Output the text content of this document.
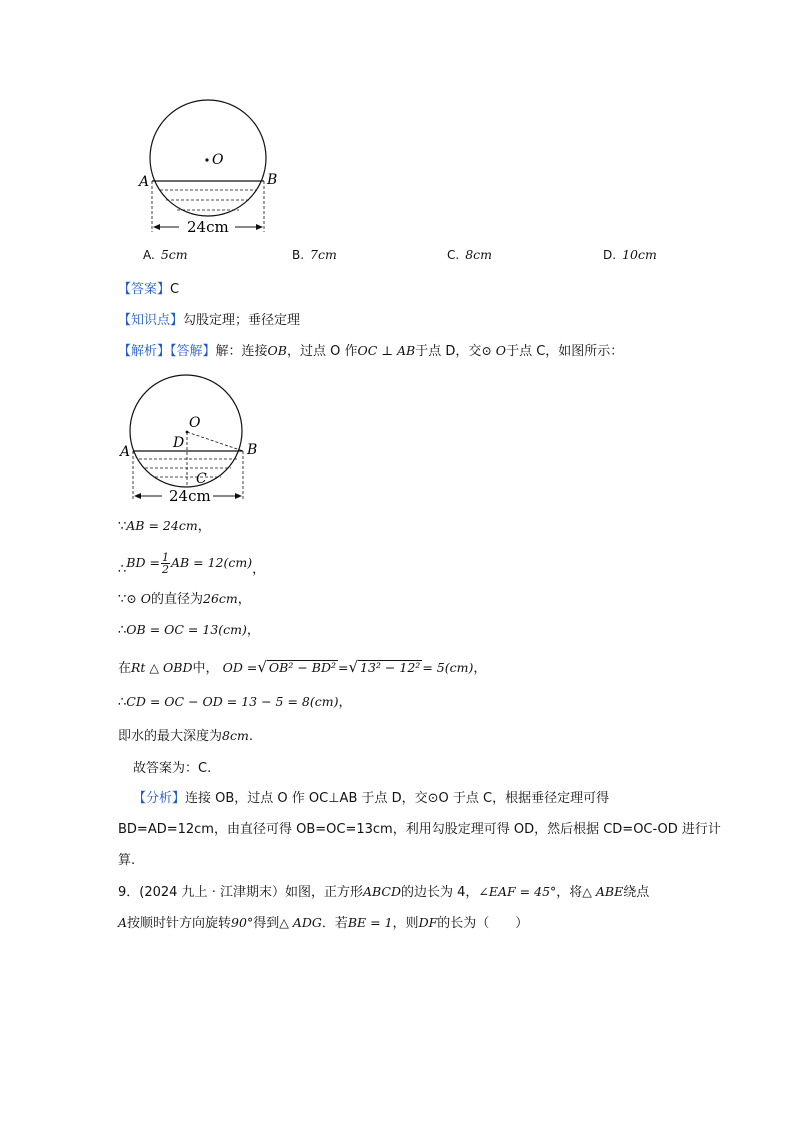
O
A	B
24cm
A. 5cm	B. 7cm	C. 8cm	D. 10cm
【答案】C
【知识点】勾股定理；垂径定理
【解析】【答解】解：连接OB，过点 O 作OC ⊥ AB于点 D，交⊙ O于点 C，如图所示：
O
D
A	B
C
24cm
∵AB = 24cm，
∴BD = $\frac{1}{2}$ AB = 12(cm)，
∵⊙ O的直径为26cm，
∴OB = OC = 13(cm)，
在Rt △ OBD中， OD =√ OB² − BD² =√ 13² − 12² = 5(cm)，
∴CD = OC − OD = 13 − 5 = 8(cm)，
即水的最大深度为8cm.
故答案为：C.
【分析】连接 OB，过点 O 作 OC⊥AB 于点 D，交⊙O 于点 C，根据垂径定理可得
BD=AD=12cm，由直径可得 OB=OC=13cm，利用勾股定理可得 OD，然后根据 CD=OC-OD 进行计
算.
9．(2024 九上 · 江津期末）如图，正方形ABCD的边长为 4，∠EAF = 45°，将△ ABE绕点
A按顺时针方向旋转90°得到△ ADG．若BE = 1，则DF的长为（　　）
